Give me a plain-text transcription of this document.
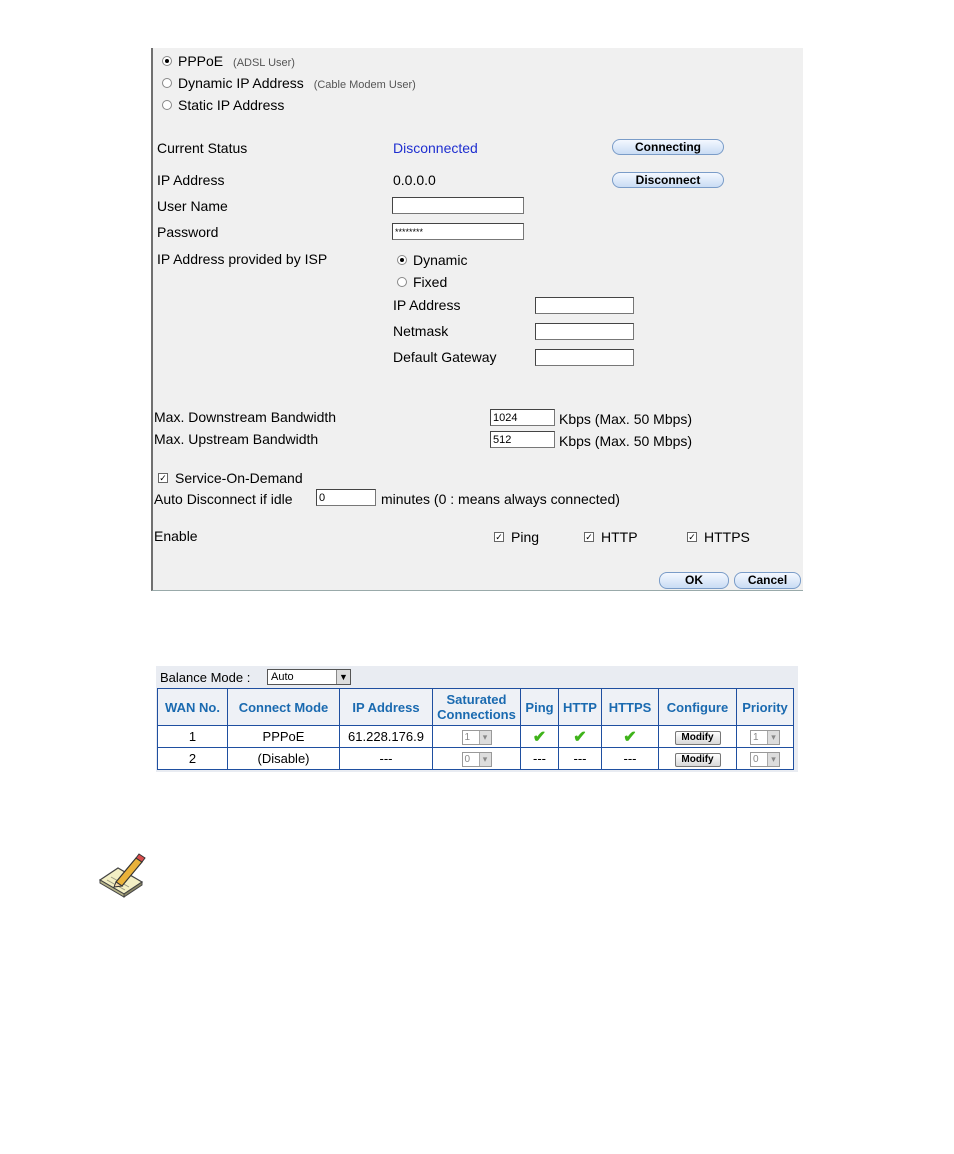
PPPoE (ADSL User)
Dynamic IP Address (Cable Modem User)
Static IP Address
Current Status	Disconnected	Connecting
IP Address	0.0.0.0	Disconnect
User Name
Password	********
IP Address provided by ISP	Dynamic
Fixed
IP Address
Netmask
Default Gateway
Max. Downstream Bandwidth	1024	Kbps (Max. 50 Mbps)
Max. Upstream Bandwidth	512	Kbps (Max. 50 Mbps)
✓ Service-On-Demand
Auto Disconnect if idle 0	minutes (0 : means always connected)
Enable	✓ Ping	✓ HTTP	✓ HTTPS
OK	Cancel
Balance Mode :	Auto	▼
WAN No.	Connect Mode	IP Address	Saturated Connections	Ping	HTTP	HTTPS	Configure	Priority
1	PPPoE	61.228.176.9	1 ▾	✔	✔	✔	Modify	1 ▾
2	(Disable)	---	0 ▾	---	---	---	Modify	0 ▾
